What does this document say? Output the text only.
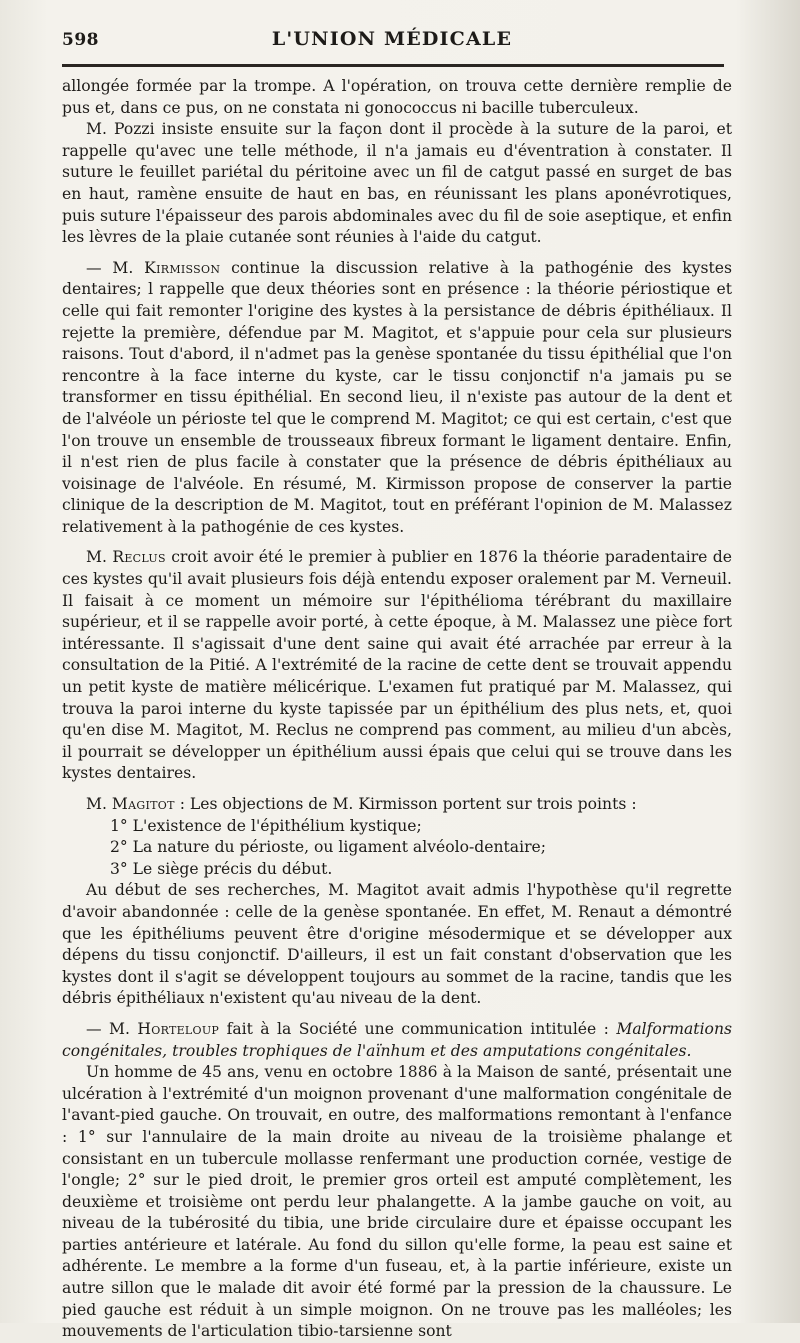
598	L'UNION MÉDICALE

allongée formée par la trompe. A l'opération, on trouva cette dernière remplie de pus et, dans ce pus, on ne constata ni gonococcus ni bacille tuberculeux.

M. Pozzi insiste ensuite sur la façon dont il procède à la suture de la paroi, et rappelle qu'avec une telle méthode, il n'a jamais eu d'éventration à constater. Il suture le feuillet pariétal du péritoine avec un fil de catgut passé en surget de bas en haut, ramène ensuite de haut en bas, en réunissant les plans aponévrotiques, puis suture l'épaisseur des parois abdominales avec du fil de soie aseptique, et enfin les lèvres de la plaie cutanée sont réunies à l'aide du catgut.

— M. Kirmisson continue la discussion relative à la pathogénie des kystes dentaires; l rappelle que deux théories sont en présence : la théorie périostique et celle qui fait remonter l'origine des kystes à la persistance de débris épithéliaux. Il rejette la première, défendue par M. Magitot, et s'appuie pour cela sur plusieurs raisons. Tout d'abord, il n'admet pas la genèse spontanée du tissu épithélial que l'on rencontre à la face interne du kyste, car le tissu conjonctif n'a jamais pu se transformer en tissu épithélial. En second lieu, il n'existe pas autour de la dent et de l'alvéole un périoste tel que le comprend M. Magitot; ce qui est certain, c'est que l'on trouve un ensemble de trousseaux fibreux formant le ligament dentaire. Enfin, il n'est rien de plus facile à constater que la présence de débris épithéliaux au voisinage de l'alvéole. En résumé, M. Kirmisson propose de conserver la partie clinique de la description de M. Magitot, tout en préférant l'opinion de M. Malassez relativement à la pathogénie de ces kystes.

M. Reclus croit avoir été le premier à publier en 1876 la théorie paradentaire de ces kystes qu'il avait plusieurs fois déjà entendu exposer oralement par M. Verneuil. Il faisait à ce moment un mémoire sur l'épithélioma térébrant du maxillaire supérieur, et il se rappelle avoir porté, à cette époque, à M. Malassez une pièce fort intéressante. Il s'agissait d'une dent saine qui avait été arrachée par erreur à la consultation de la Pitié. A l'extrémité de la racine de cette dent se trouvait appendu un petit kyste de matière mélicérique. L'examen fut pratiqué par M. Malassez, qui trouva la paroi interne du kyste tapissée par un épithélium des plus nets, et, quoi qu'en dise M. Magitot, M. Reclus ne comprend pas comment, au milieu d'un abcès, il pourrait se développer un épithélium aussi épais que celui qui se trouve dans les kystes dentaires.

M. Magitot : Les objections de M. Kirmisson portent sur trois points :

1° L'existence de l'épithélium kystique;

2° La nature du périoste, ou ligament alvéolo-dentaire;

3° Le siège précis du début.

Au début de ses recherches, M. Magitot avait admis l'hypothèse qu'il regrette d'avoir abandonnée : celle de la genèse spontanée. En effet, M. Renaut a démontré que les épithéliums peuvent être d'origine mésodermique et se développer aux dépens du tissu conjonctif. D'ailleurs, il est un fait constant d'observation que les kystes dont il s'agit se développent toujours au sommet de la racine, tandis que les débris épithéliaux n'existent qu'au niveau de la dent.

— M. Horteloup fait à la Société une communication intitulée : Malformations congénitales, troubles trophiques de l'aïnhum et des amputations congénitales.

Un homme de 45 ans, venu en octobre 1886 à la Maison de santé, présentait une ulcération à l'extrémité d'un moignon provenant d'une malformation congénitale de l'avant-pied gauche. On trouvait, en outre, des malformations remontant à l'enfance : 1° sur l'annulaire de la main droite au niveau de la troisième phalange et consistant en un tubercule mollasse renfermant une production cornée, vestige de l'ongle; 2° sur le pied droit, le premier gros orteil est amputé complètement, les deuxième et troisième ont perdu leur phalangette. A la jambe gauche on voit, au niveau de la tubérosité du tibia, une bride circulaire dure et épaisse occupant les parties antérieure et latérale. Au fond du sillon qu'elle forme, la peau est saine et adhérente. Le membre a la forme d'un fuseau, et, à la partie inférieure, existe un autre sillon que le malade dit avoir été formé par la pression de la chaussure. Le pied gauche est réduit à un simple moignon. On ne trouve pas les malléoles; les mouvements de l'articulation tibio-tarsienne sont
